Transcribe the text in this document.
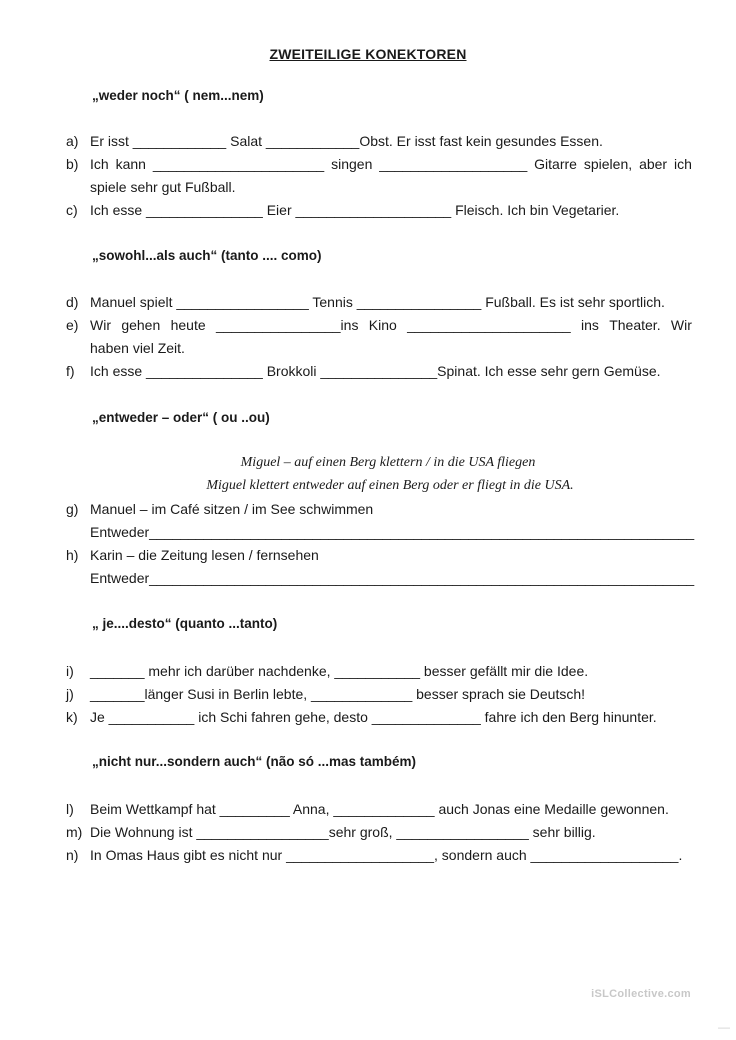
ZWEITEILIGE KONEKTOREN
„weder noch“ ( nem...nem)
a) Er isst ____________ Salat ____________Obst. Er isst fast kein gesundes Essen.
b) Ich kann ______________________ singen ___________________ Gitarre spielen, aber ich
spiele sehr gut Fußball.
c) Ich esse _______________ Eier ____________________ Fleisch. Ich bin Vegetarier.
„sowohl...als auch“ (tanto .... como)
d) Manuel spielt _________________ Tennis ________________ Fußball. Es ist sehr sportlich.
e) Wir gehen heute ________________ins Kino _____________________ ins Theater. Wir
haben viel Zeit.
f) Ich esse _______________ Brokkoli _______________Spinat. Ich esse sehr gern Gemüse.
„entweder – oder“ ( ou ..ou)
Miguel – auf einen Berg klettern / in die USA fliegen
Miguel klettert entweder auf einen Berg oder er fliegt in die USA.
g) Manuel – im Café sitzen / im See schwimmen
Entweder______________________________________________________________________
h) Karin – die Zeitung lesen / fernsehen
Entweder______________________________________________________________________
„ je....desto“ (quanto ...tanto)
i) _______ mehr ich darüber nachdenke, ___________ besser gefällt mir die Idee.
j) _______länger Susi in Berlin lebte, _____________ besser sprach sie Deutsch!
k) Je ___________ ich Schi fahren gehe, desto ______________ fahre ich den Berg hinunter.
„nicht nur...sondern auch“ (não só ...mas também)
l) Beim Wettkampf hat _________ Anna, _____________ auch Jonas eine Medaille gewonnen.
m) Die Wohnung ist _________________sehr groß, _________________ sehr billig.
n) In Omas Haus gibt es nicht nur ___________________, sondern auch ___________________.
iSLCollective.com
—
